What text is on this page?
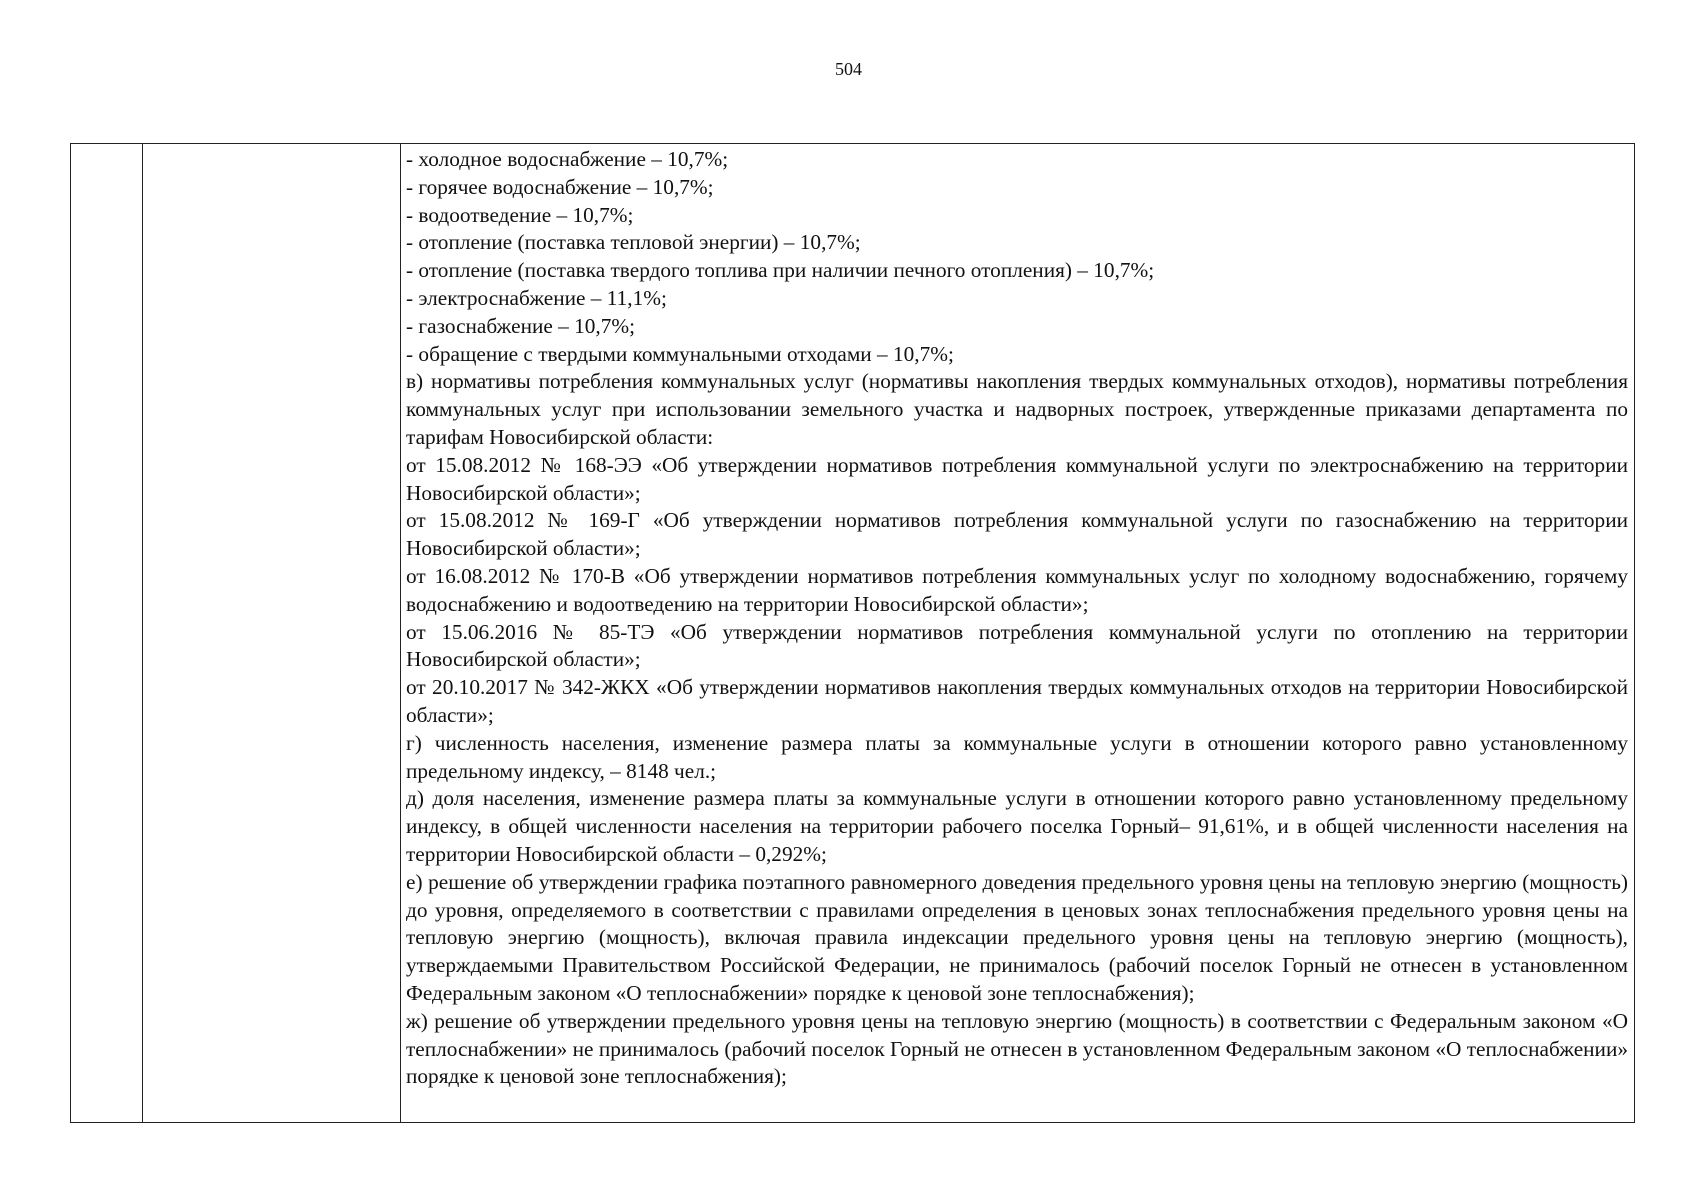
504

- холодное водоснабжение – 10,7%;

- горячее водоснабжение – 10,7%;

- водоотведение – 10,7%;

- отопление (поставка тепловой энергии) – 10,7%;

- отопление (поставка твердого топлива при наличии печного отопления) – 10,7%;

- электроснабжение – 11,1%;

- газоснабжение – 10,7%;

- обращение с твердыми коммунальными отходами – 10,7%;

в) нормативы потребления коммунальных услуг (нормативы накопления твердых коммунальных отходов), нормативы потребления коммунальных услуг при использовании земельного участка и надворных построек, утвержденные приказами департамента по тарифам Новосибирской области:

от 15.08.2012 № 168-ЭЭ «Об утверждении нормативов потребления коммунальной услуги по электроснабжению на территории Новосибирской области»;

от 15.08.2012 № 169-Г «Об утверждении нормативов потребления коммунальной услуги по газоснабжению на территории Новосибирской области»;

от 16.08.2012 № 170-В «Об утверждении нормативов потребления коммунальных услуг по холодному водоснабжению, горячему водоснабжению и водоотведению на территории Новосибирской области»;

от 15.06.2016 № 85-ТЭ «Об утверждении нормативов потребления коммунальной услуги по отоплению на территории Новосибирской области»;

от 20.10.2017 № 342-ЖКХ «Об утверждении нормативов накопления твердых коммунальных отходов на территории Новосибирской области»;

г) численность населения, изменение размера платы за коммунальные услуги в отношении которого равно установленному предельному индексу, – 8148 чел.;

д) доля населения, изменение размера платы за коммунальные услуги в отношении которого равно установленному предельному индексу, в общей численности населения на территории рабочего поселка Горный– 91,61%, и в общей численности населения на территории Новосибирской области – 0,292%;

е) решение об утверждении графика поэтапного равномерного доведения предельного уровня цены на тепловую энергию (мощность) до уровня, определяемого в соответствии с правилами определения в ценовых зонах теплоснабжения предельного уровня цены на тепловую энергию (мощность), включая правила индексации предельного уровня цены на тепловую энергию (мощность), утверждаемыми Правительством Российской Федерации, не принималось (рабочий поселок Горный не отнесен в установленном Федеральным законом «О теплоснабжении» порядке к ценовой зоне теплоснабжения);

ж) решение об утверждении предельного уровня цены на тепловую энергию (мощность) в соответствии с Федеральным законом «О теплоснабжении» не принималось (рабочий поселок Горный не отнесен в установленном Федеральным законом «О теплоснабжении» порядке к ценовой зоне теплоснабжения);
